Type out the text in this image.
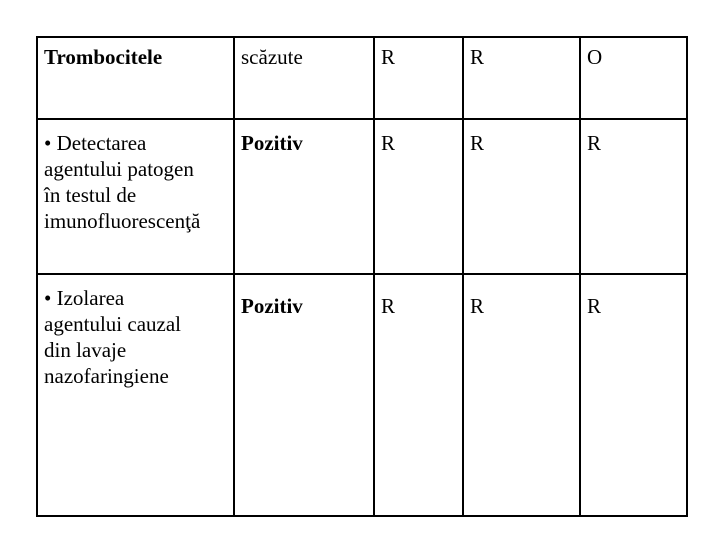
Trombocitele	scăzute	R	R	O
• Detectarea
agentului patogen
în testul de
imunofluorescenţă	Pozitiv	R	R	R
• Izolarea
agentului cauzal
din lavaje
nazofaringiene	Pozitiv	R	R	R
